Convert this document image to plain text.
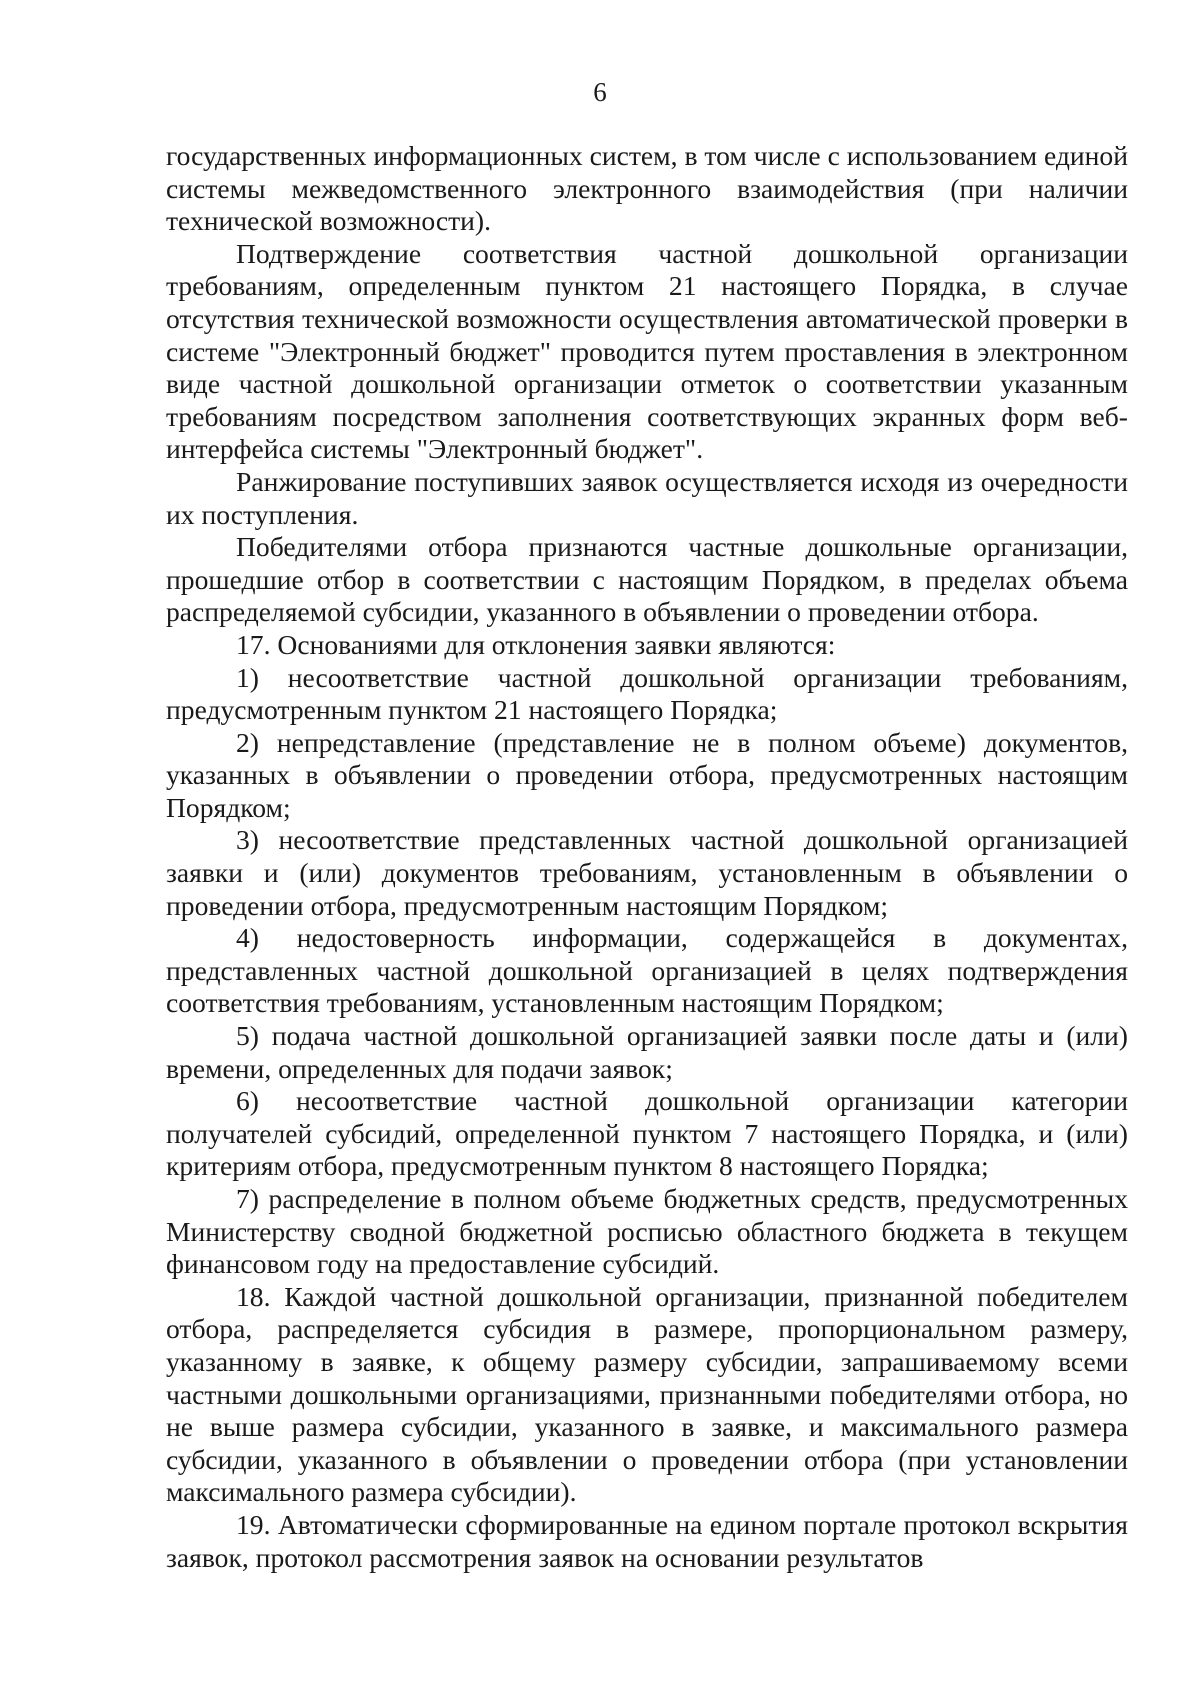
6

государственных информационных систем, в том числе с использованием единой системы межведомственного электронного взаимодействия (при наличии технической возможности).

Подтверждение соответствия частной дошкольной организации требованиям, определенным пунктом 21 настоящего Порядка, в случае отсутствия технической возможности осуществления автоматической проверки в системе "Электронный бюджет" проводится путем проставления в электронном виде частной дошкольной организации отметок о соответствии указанным требованиям посредством заполнения соответствующих экранных форм веб-интерфейса системы "Электронный бюджет".

Ранжирование поступивших заявок осуществляется исходя из очередности их поступления.

Победителями отбора признаются частные дошкольные организации, прошедшие отбор в соответствии с настоящим Порядком, в пределах объема распределяемой субсидии, указанного в объявлении о проведении отбора.

17. Основаниями для отклонения заявки являются:

1) несоответствие частной дошкольной организации требованиям, предусмотренным пунктом 21 настоящего Порядка;

2) непредставление (представление не в полном объеме) документов, указанных в объявлении о проведении отбора, предусмотренных настоящим Порядком;

3) несоответствие представленных частной дошкольной организацией заявки и (или) документов требованиям, установленным в объявлении о проведении отбора, предусмотренным настоящим Порядком;

4) недостоверность информации, содержащейся в документах, представленных частной дошкольной организацией в целях подтверждения соответствия требованиям, установленным настоящим Порядком;

5) подача частной дошкольной организацией заявки после даты и (или) времени, определенных для подачи заявок;

6) несоответствие частной дошкольной организации категории получателей субсидий, определенной пунктом 7 настоящего Порядка, и (или) критериям отбора, предусмотренным пунктом 8 настоящего Порядка;

7) распределение в полном объеме бюджетных средств, предусмотренных Министерству сводной бюджетной росписью областного бюджета в текущем финансовом году на предоставление субсидий.

18. Каждой частной дошкольной организации, признанной победителем отбора, распределяется субсидия в размере, пропорциональном размеру, указанному в заявке, к общему размеру субсидии, запрашиваемому всеми частными дошкольными организациями, признанными победителями отбора, но не выше размера субсидии, указанного в заявке, и максимального размера субсидии, указанного в объявлении о проведении отбора (при установлении максимального размера субсидии).

19. Автоматически сформированные на едином портале протокол вскрытия заявок, протокол рассмотрения заявок на основании результатов
